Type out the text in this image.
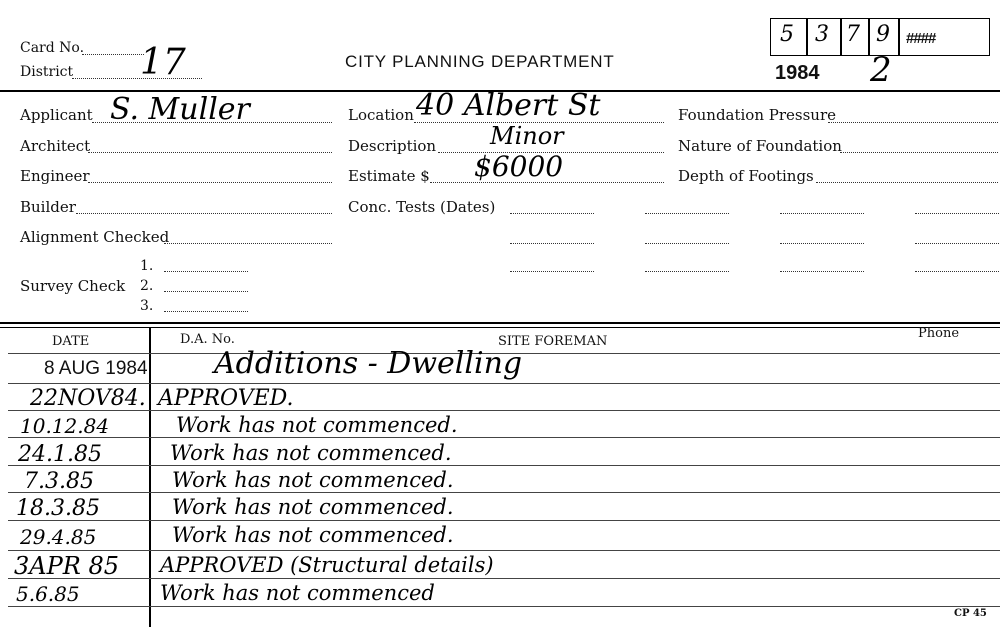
Card No.
District 17	CITY PLANNING DEPARTMENT
1984 2
5 3 7 9 ####
Applicant S. Muller
Architect
Engineer
Builder
Alignment Checked
Survey Check
1.
2.
3.
Location 40 Albert St
Description Minor
Estimate $ $6000
Conc. Tests (Dates)
Foundation Pressure
Nature of Foundation
Depth of Footings
DATE	D.A. No.	SITE FOREMAN
Phone
8 AUG 1984 Additions - Dwelling
22NOV84. APPROVED.
10.12.84	Work has not commenced.
24.1.85	Work has not commenced.
7.3.85	Work has not commenced.
18.3.85	Work has not commenced.
29.4.85	Work has not commenced.
3APR 85 APPROVED (Structural details)
5.6.85	Work has not commenced
CP 45
